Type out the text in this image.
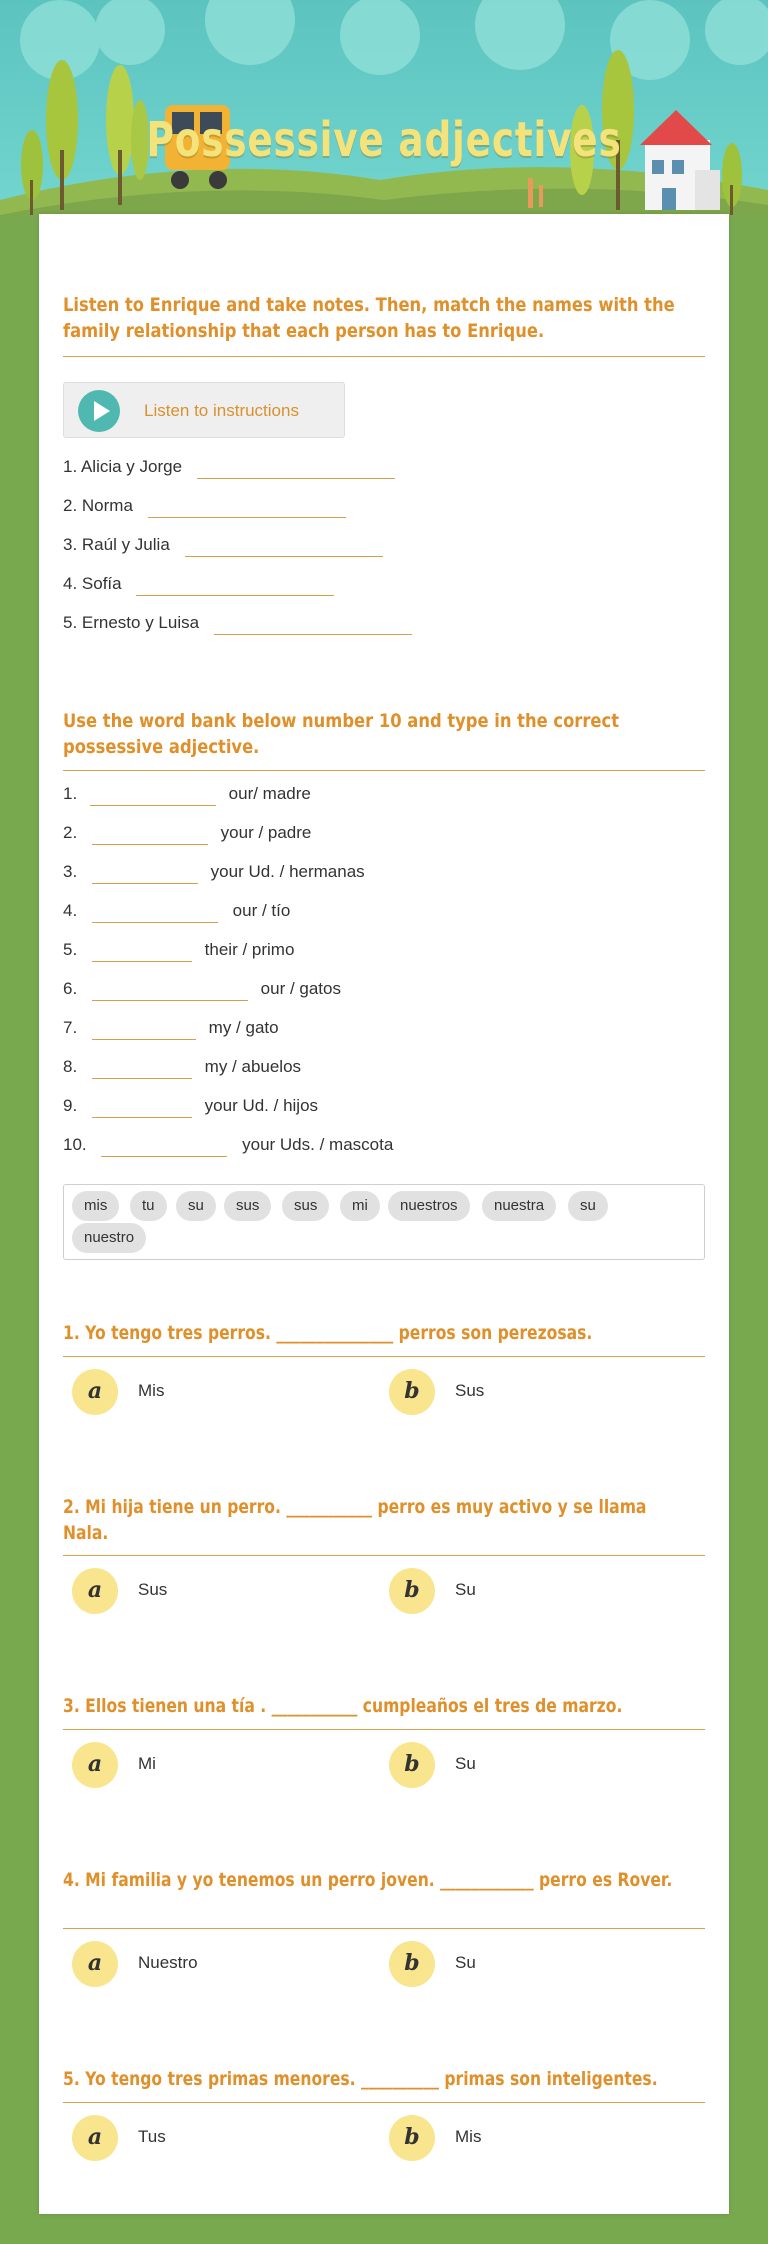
Possessive adjectives
Listen to Enrique and take notes. Then, match the names with the family relationship that each person has to Enrique.
Listen to instructions
1. Alicia y Jorge
2. Norma
3. Raúl y Julia
4. Sofía
5. Ernesto y Luisa
Use the word bank below number 10 and type in the correct possessive adjective.
1.	our/ madre
2.	your / padre
3.	your Ud. / hermanas
4.	our / tío
5.	their / primo
6.	our / gatos
7.	my / gato
8.	my / abuelos
9.	your Ud. / hijos
10.	your Uds. / mascota
mis	tu	su	sus	sus	mi	nuestros	nuestra	su
nuestro
1. Yo tengo tres perros. _______________ perros son perezosas.
a	Mis	b	Sus
2. Mi hija tiene un perro. ___________ perro es muy activo y se llama Nala.
a	Sus	b	Su
3. Ellos tienen una tía . ___________ cumpleaños el tres de marzo.
a	Mi	b	Su
4. Mi familia y yo tenemos un perro joven. ____________ perro es Rover.
a	Nuestro	b	Su
5. Yo tengo tres primas menores. __________ primas son inteligentes.
a	Tus	b	Mis
